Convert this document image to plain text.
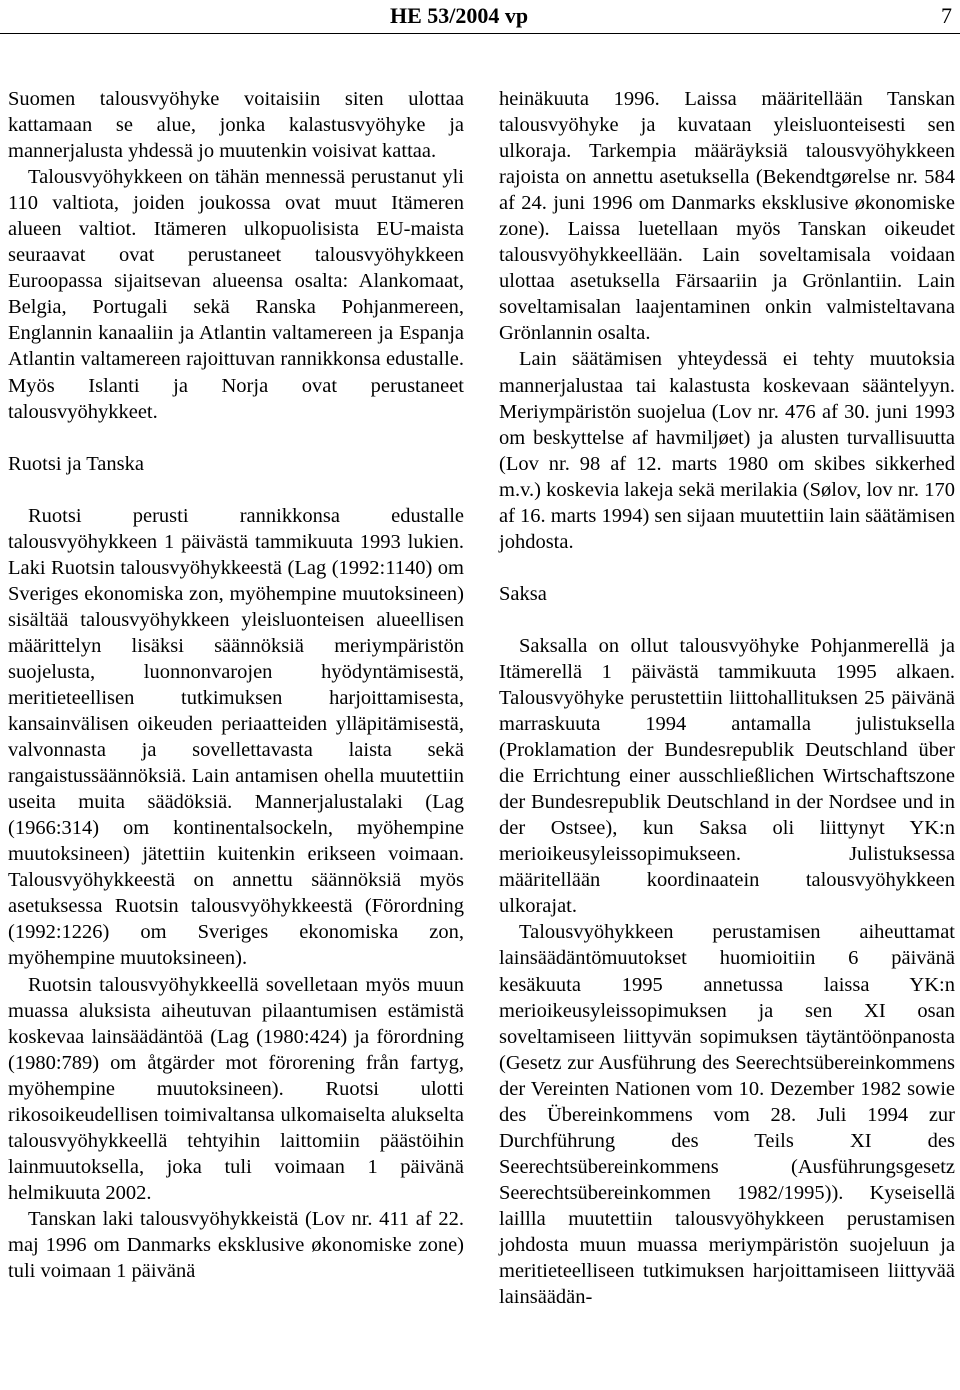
HE 53/2004 vp	7

Suomen talousvyöhyke voitaisiin siten ulottaa kattamaan se alue, jonka kalastusvyöhyke ja mannerjalusta yhdessä jo muutenkin voisivat kattaa.

Talousvyöhykkeen on tähän mennessä perustanut yli 110 valtiota, joiden joukossa ovat muut Itämeren alueen valtiot. Itämeren ulkopuolisista EU-maista seuraavat ovat perustaneet talousvyöhykkeen Euroopassa sijaitsevan alueensa osalta: Alankomaat, Belgia, Portugali sekä Ranska Pohjanmereen, Englannin kanaaliin ja Atlantin valtamereen ja Espanja Atlantin valtamereen rajoittuvan rannikkonsa edustalle. Myös Islanti ja Norja ovat perustaneet talousvyöhykkeet.

Ruotsi ja Tanska

Ruotsi perusti rannikkonsa edustalle talousvyöhykkeen 1 päivästä tammikuuta 1993 lukien. Laki Ruotsin talousvyöhykkeestä (Lag (1992:1140) om Sveriges ekonomiska zon, myöhempine muutoksineen) sisältää talousvyöhykkeen yleisluonteisen alueellisen määrittelyn lisäksi säännöksiä meriympäristön suojelusta, luonnonvarojen hyödyntämisestä, meritieteellisen tutkimuksen harjoittamisesta, kansainvälisen oikeuden periaatteiden ylläpitämisestä, valvonnasta ja sovellettavasta laista sekä rangaistussäännöksiä. Lain antamisen ohella muutettiin useita muita säädöksiä. Mannerjalustalaki (Lag (1966:314) om kontinentalsockeln, myöhempine muutoksineen) jätettiin kuitenkin erikseen voimaan. Talousvyöhykkeestä on annettu säännöksiä myös asetuksessa Ruotsin talousvyöhykkeestä (Förordning (1992:1226) om Sveriges ekonomiska zon, myöhempine muutoksineen).

Ruotsin talousvyöhykkeellä sovelletaan myös muun muassa aluksista aiheutuvan pilaantumisen estämistä koskevaa lainsäädäntöä (Lag (1980:424) ja förordning (1980:789) om åtgärder mot förorening från fartyg, myöhempine muutoksineen). Ruotsi ulotti rikosoikeudellisen toimivaltansa ulkomaiselta alukselta talousvyöhykkeellä tehtyihin laittomiin päästöihin lainmuutoksella, joka tuli voimaan 1 päivänä helmikuuta 2002.

Tanskan laki talousvyöhykkeistä (Lov nr. 411 af 22. maj 1996 om Danmarks eksklusive økonomiske zone) tuli voimaan 1 päivänä

heinäkuuta 1996. Laissa määritellään Tanskan talousvyöhyke ja kuvataan yleisluonteisesti sen ulkoraja. Tarkempia määräyksiä talousvyöhykkeen rajoista on annettu asetuksella (Bekendtgørelse nr. 584 af 24. juni 1996 om Danmarks eksklusive økonomiske zone). Laissa luetellaan myös Tanskan oikeudet talousvyöhykkeellään. Lain soveltamisala voidaan ulottaa asetuksella Färsaariin ja Grönlantiin. Lain soveltamisalan laajentaminen onkin valmisteltavana Grönlannin osalta.

Lain säätämisen yhteydessä ei tehty muutoksia mannerjalustaa tai kalastusta koskevaan sääntelyyn. Meriympäristön suojelua (Lov nr. 476 af 30. juni 1993 om beskyttelse af havmiljøet) ja alusten turvallisuutta (Lov nr. 98 af 12. marts 1980 om skibes sikkerhed m.v.) koskevia lakeja sekä merilakia (Sølov, lov nr. 170 af 16. marts 1994) sen sijaan muutettiin lain säätämisen johdosta.

Saksa

Saksalla on ollut talousvyöhyke Pohjanmerellä ja Itämerellä 1 päivästä tammikuuta 1995 alkaen. Talousvyöhyke perustettiin liittohallituksen 25 päivänä marraskuuta 1994 antamalla julistuksella (Proklamation der Bundesrepublik Deutschland über die Errichtung einer ausschließlichen Wirtschaftszone der Bundesrepublik Deutschland in der Nordsee und in der Ostsee), kun Saksa oli liittynyt YK:n merioikeusyleissopimukseen. Julistuksessa määritellään koordinaatein talousvyöhykkeen ulkorajat.

Talousvyöhykkeen perustamisen aiheuttamat lainsäädäntömuutokset huomioitiin 6 päivänä kesäkuuta 1995 annetussa laissa YK:n merioikeusyleissopimuksen ja sen XI osan soveltamiseen liittyvän sopimuksen täytäntöönpanosta (Gesetz zur Ausführung des Seerechtsübereinkommens der Vereinten Nationen vom 10. Dezember 1982 sowie des Übereinkommens vom 28. Juli 1994 zur Durchführung des Teils XI des Seerechtsübereinkommens (Ausführungsgesetz Seerechtsübereinkommen 1982/1995)). Kyseisellä laillla muutettiin talousvyöhykkeen perustamisen johdosta muun muassa meriympäristön suojeluun ja meritieteelliseen tutkimuksen harjoittamiseen liittyvää lainsäädän-
